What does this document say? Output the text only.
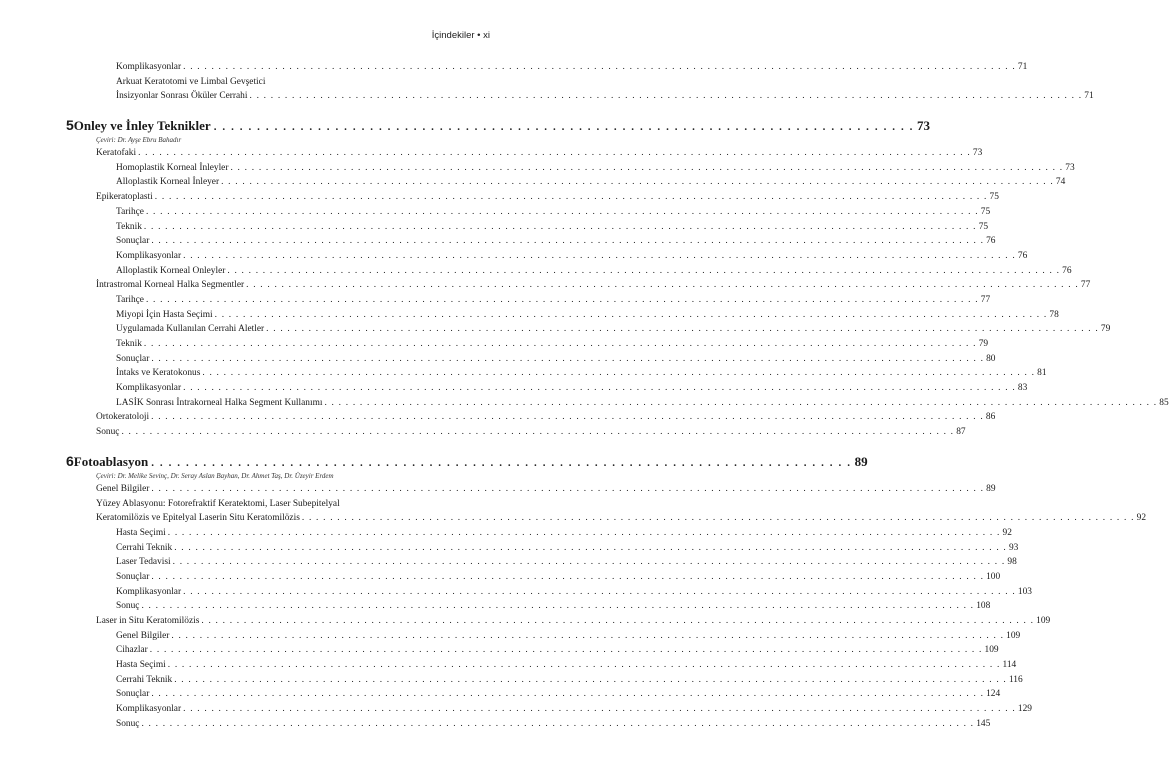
İçindekiler • xi
Komplikasyonlar . . .	71
Arkuat Keratotomi ve Limbal Gevşetici
İnsizyonlar Sonrası Öküler Cerrahi . . .	71
5 Onley ve İnley Teknikler . . .	73
Çeviri: Dr. Ayşe Ebru Bahadır
Keratofaki . . .	73
Homoplastik Korneal İnleyler . . .	73
Alloplastik Korneal İnleyer . . .	74
Epikeratoplasti . . .	75
Tarihçe . . .	75
Teknik . . .	75
Sonuçlar . . .	76
Komplikasyonlar . . .	76
Alloplastik Korneal Onleyler . . .	76
İntrastromal Korneal Halka Segmentler . . .	77
Tarihçe . . .	77
Miyopi İçin Hasta Seçimi . . .	78
Uygulamada Kullanılan Cerrahi Aletler . . .	79
Teknik . . .	79
Sonuçlar . . .	80
İntaks ve Keratokonus . . .	81
Komplikasyonlar . . .	83
LASİK Sonrası İntrakorneal Halka Segment Kullanımı . . .	85
Ortokeratoloji . . .	86
Sonuç . . .	87
6 Fotoablasyon . . .	89
Çeviri: Dr. Melike Sevinç, Dr. Seray Aslan Bayhan, Dr. Ahmet Taş, Dr. Üzeyir Erdem
Genel Bilgiler . . .	89
Yüzey Ablasyonu: Fotorefraktif Keratektomi, Laser Subepitelyal
Keratomilözis ve Epitelyal Laserin Situ Keratomilözis . . .	92
Hasta Seçimi . . .	92
Cerrahi Teknik . . .	93
Laser Tedavisi . . .	98
Sonuçlar . . .	100
Komplikasyonlar . . .	103
Sonuç . . .	108
Laser in Situ Keratomilözis . . .	109
Genel Bilgiler . . .	109
Cihazlar . . .	109
Hasta Seçimi . . .	114
Cerrahi Teknik . . .	116
Sonuçlar . . .	124
Komplikasyonlar . . .	129
Sonuç . . .	145
